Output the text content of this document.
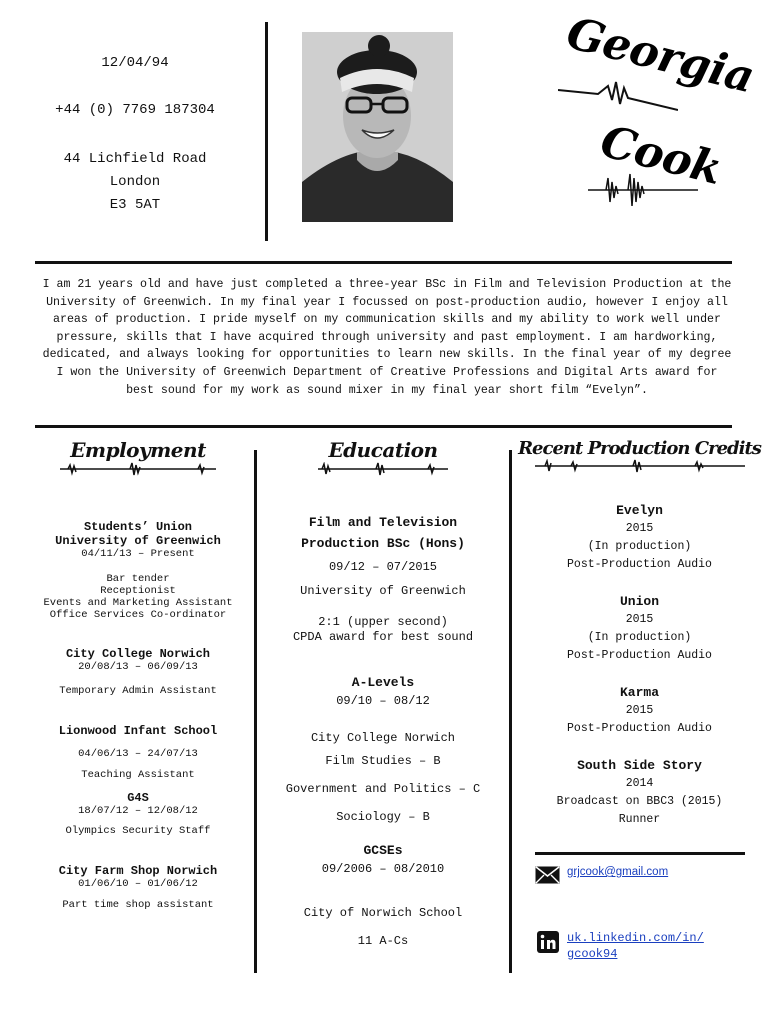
12/04/94
+44 (0) 7769 187304
44 Lichfield Road
London
E3 5AT
Georgia
Cook
I am 21 years old and have just completed a three-year BSc in Film and Television Production at the University of Greenwich. In my final year I focussed on post-production audio, however I enjoy all areas of production. I pride myself on my communication skills and my ability to work well under pressure, skills that I have acquired through university and past employment. I am hardworking, dedicated, and always looking for opportunities to learn new skills. In the final year of my degree I won the University of Greenwich Department of Creative Professions and Digital Arts award for best sound for my work as sound mixer in my final year short film “Evelyn”.
Employment
Students’ Union
University of Greenwich
04/11/13 – Present
Bar tender
Receptionist
Events and Marketing Assistant
Office Services Co-ordinator
City College Norwich
20/08/13 – 06/09/13
Temporary Admin Assistant
Lionwood Infant School
04/06/13 – 24/07/13
Teaching Assistant
G4S
18/07/12 – 12/08/12
Olympics Security Staff
City Farm Shop Norwich
01/06/10 – 01/06/12
Part time shop assistant
Education
Film and Television
Production BSc (Hons)
09/12 – 07/2015
University of Greenwich
2:1 (upper second)
CPDA award for best sound
A-Levels
09/10 – 08/12
City College Norwich
Film Studies – B
Government and Politics – C
Sociology – B
GCSEs
09/2006 – 08/2010
City of Norwich School
11 A-Cs
Recent Production Credits
Evelyn
2015
(In production)
Post-Production Audio
Union
2015
(In production)
Post-Production Audio
Karma
2015
Post-Production Audio
South Side Story
2014
Broadcast on BBC3 (2015)
Runner
grjcook@gmail.com
uk.linkedin.com/in/
gcook94
